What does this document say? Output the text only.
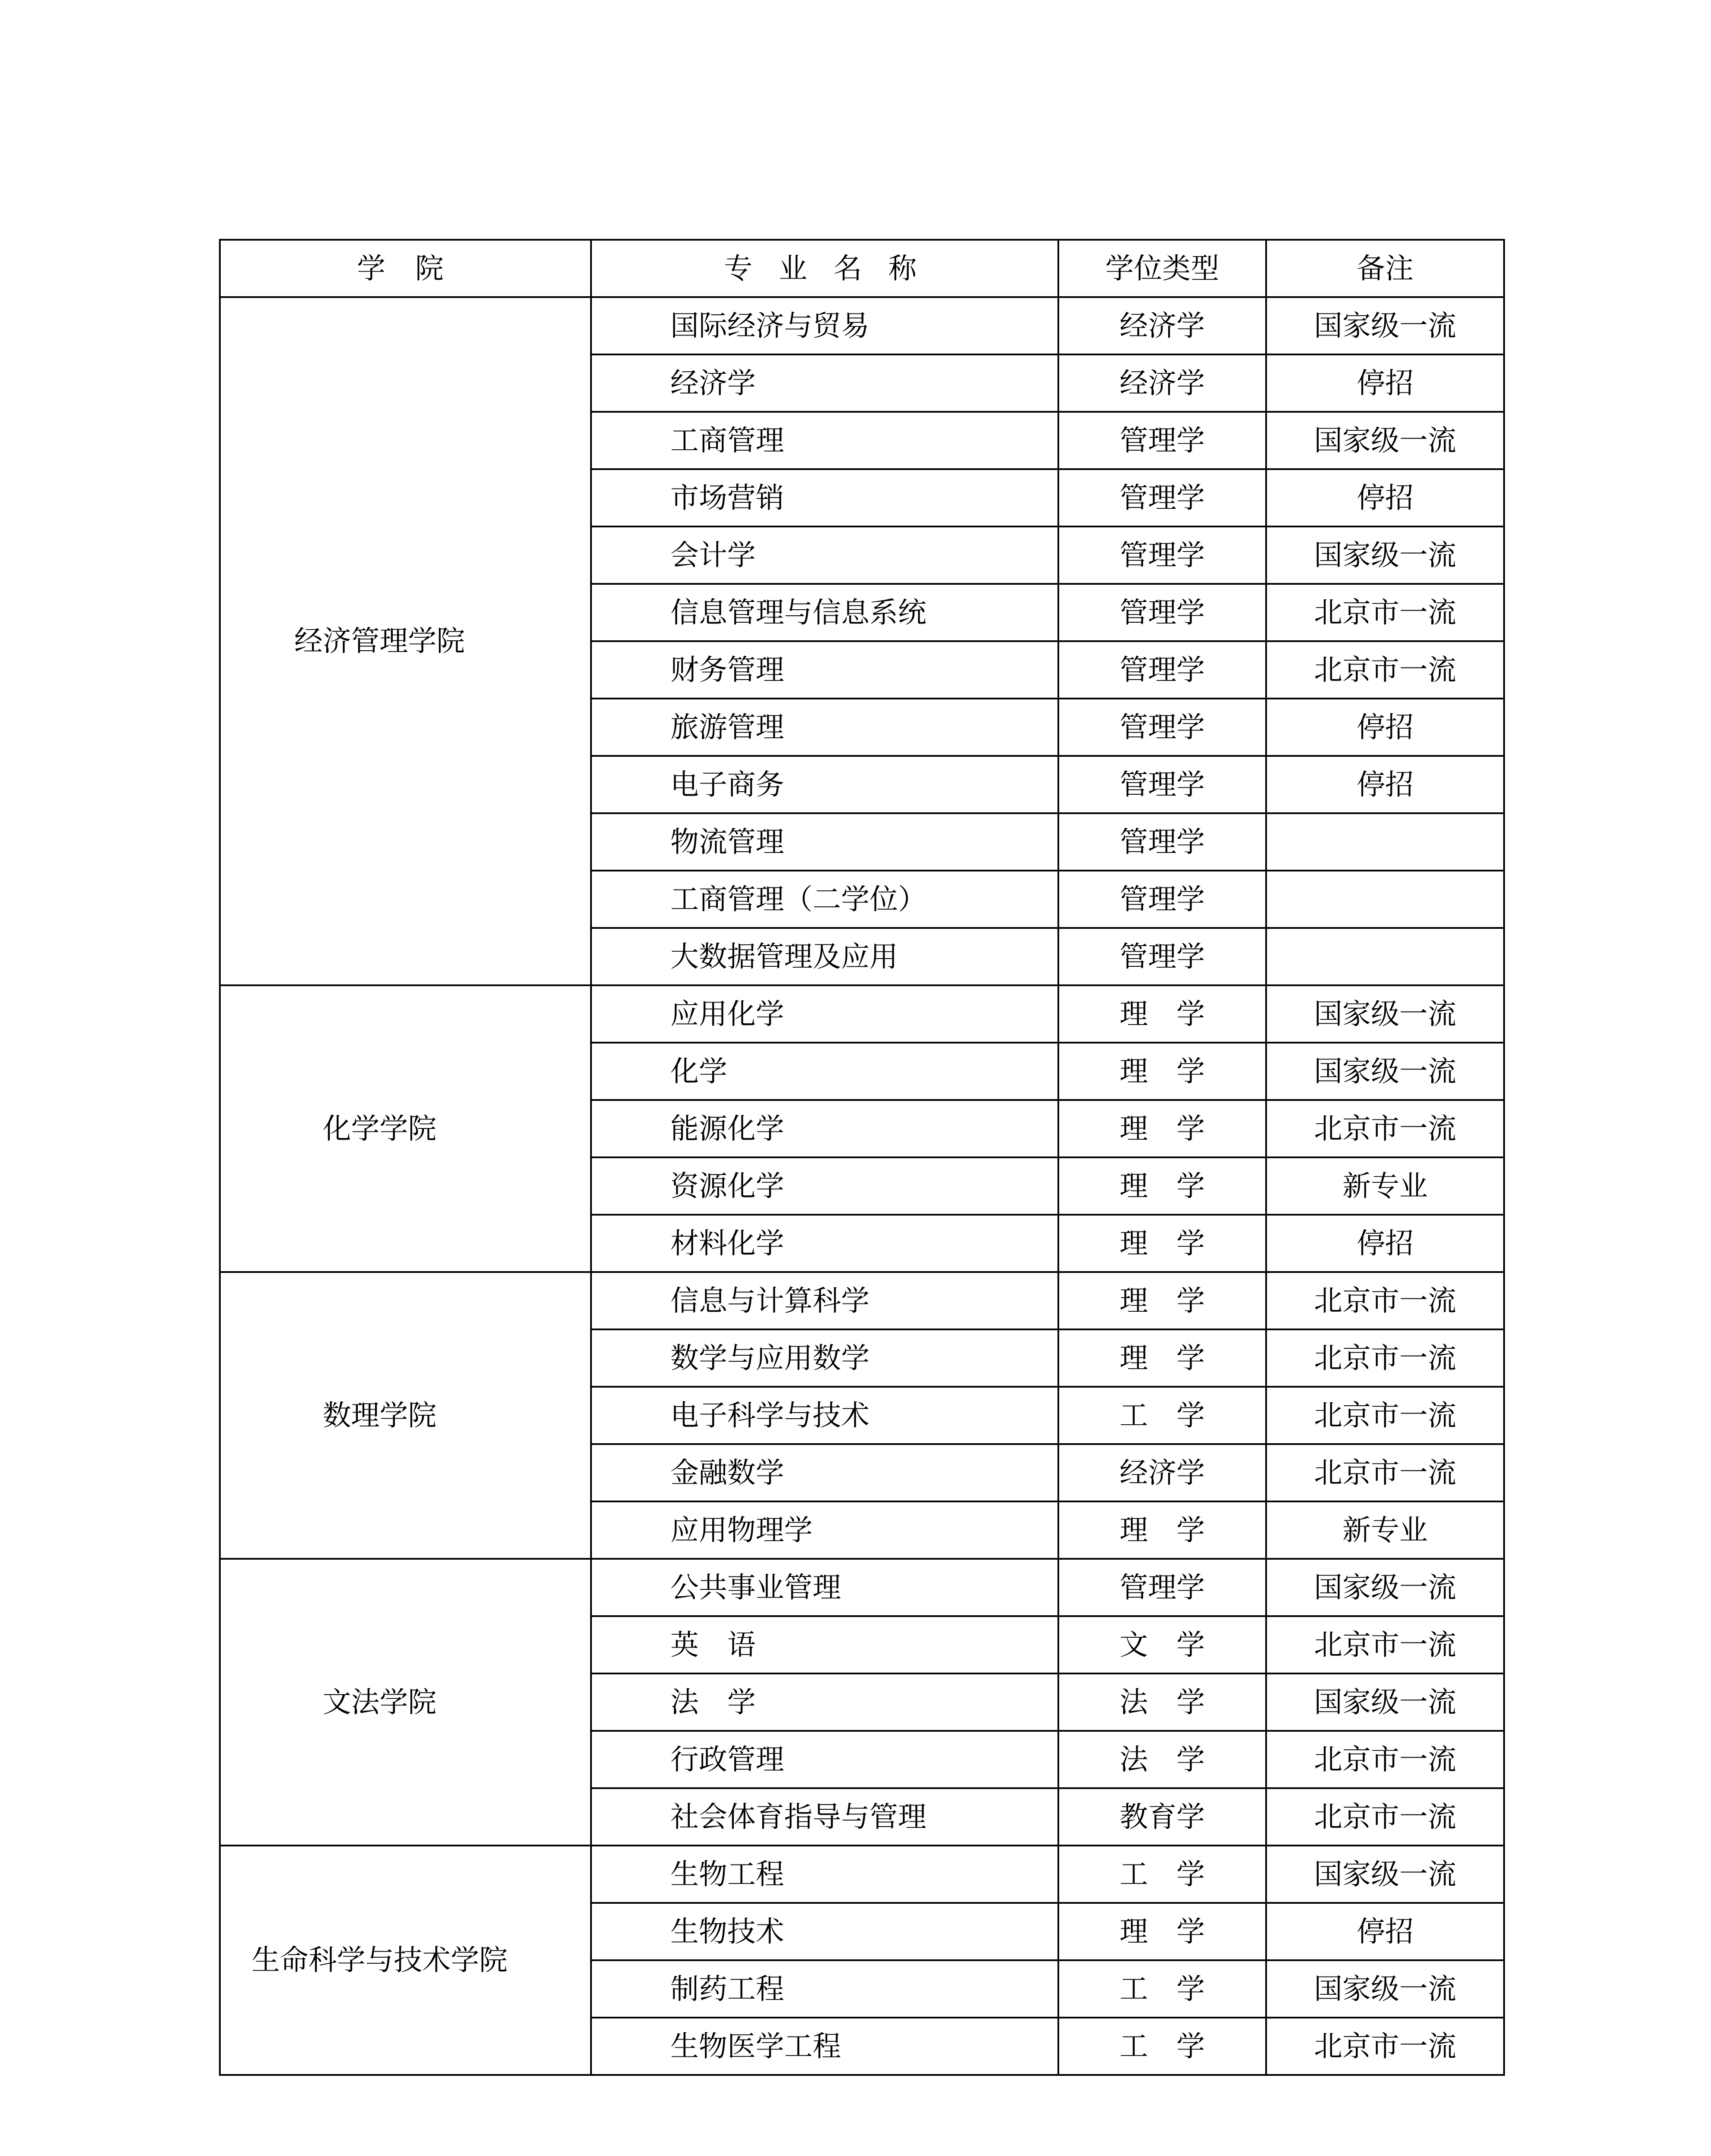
学 院	专 业 名 称	学位类型	备注
经济管理学院	国际经济与贸易	经济学	国家级一流
	经济学	经济学	停招
	工商管理	管理学	国家级一流
	市场营销	管理学	停招
	会计学	管理学	国家级一流
	信息管理与信息系统	管理学	北京市一流
	财务管理	管理学	北京市一流
	旅游管理	管理学	停招
	电子商务	管理学	停招
	物流管理	管理学	
	工商管理（二学位）	管理学	
	大数据管理及应用	管理学	
化学学院	应用化学	理　学	国家级一流
	化学	理　学	国家级一流
	能源化学	理　学	北京市一流
	资源化学	理　学	新专业
	材料化学	理　学	停招
数理学院	信息与计算科学	理　学	北京市一流
	数学与应用数学	理　学	北京市一流
	电子科学与技术	工　学	北京市一流
	金融数学	经济学	北京市一流
	应用物理学	理　学	新专业
文法学院	公共事业管理	管理学	国家级一流
	英　语	文　学	北京市一流
	法　学	法　学	国家级一流
	行政管理	法　学	北京市一流
	社会体育指导与管理	教育学	北京市一流
生命科学与技术学院	生物工程	工　学	国家级一流
	生物技术	理　学	停招
	制药工程	工　学	国家级一流
	生物医学工程	工　学	北京市一流
